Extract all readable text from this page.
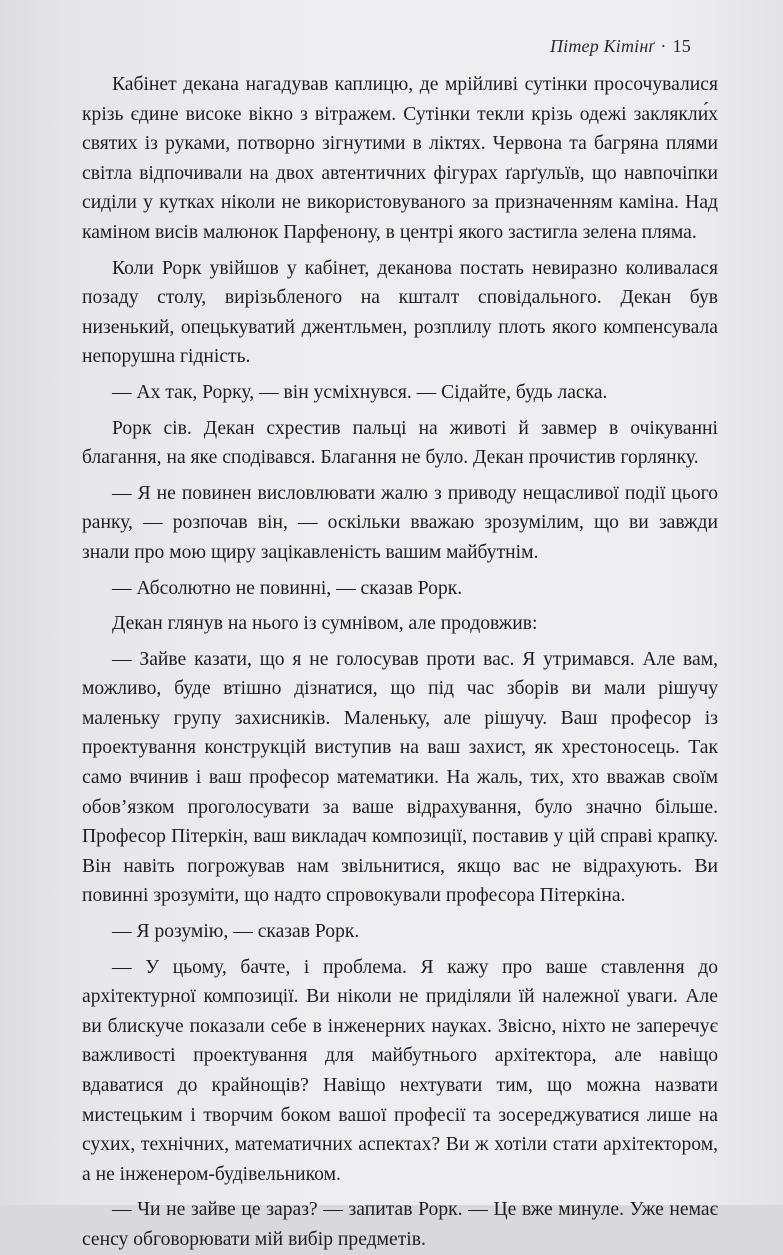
Пітер Кітінґ · 15

Кабінет декана нагадував каплицю, де мрійливі сутінки просочувалися крізь єдине високе вікно з вітражем. Сутінки текли крізь одежі заклякли́х святих із руками, потворно зігнутими в ліктях. Червона та багряна плями світла відпочивали на двох автентичних фігурах ґарґульїв, що навпочіпки сиділи у кутках ніколи не використовуваного за призначенням каміна. Над каміном висів малюнок Парфенону, в центрі якого застигла зелена пляма.

Коли Рорк увійшов у кабінет, деканова постать невиразно коливалася позаду столу, вирізьбленого на кшталт сповідального. Декан був низенький, опецькуватий джентльмен, розплилу плоть якого компенсувала непорушна гідність.

— Ах так, Рорку, — він усміхнувся. — Сідайте, будь ласка.

Рорк сів. Декан схрестив пальці на животі й завмер в очікуванні благання, на яке сподівався. Благання не було. Декан прочистив горлянку.

— Я не повинен висловлювати жалю з приводу нещасливої події цього ранку, — розпочав він, — оскільки вважаю зрозумілим, що ви завжди знали про мою щиру зацікавленість вашим майбутнім.

— Абсолютно не повинні, — сказав Рорк.

Декан глянув на нього із сумнівом, але продовжив:

— Зайве казати, що я не голосував проти вас. Я утримався. Але вам, можливо, буде втішно дізнатися, що під час зборів ви мали рішучу маленьку групу захисників. Маленьку, але рішучу. Ваш професор із проектування конструкцій виступив на ваш захист, як хрестоносець. Так само вчинив і ваш професор математики. На жаль, тих, хто вважав своїм обов’язком проголосувати за ваше відрахування, було значно більше. Професор Пітеркін, ваш викладач композиції, поставив у цій справі крапку. Він навіть погрожував нам звільнитися, якщо вас не відрахують. Ви повинні зрозуміти, що надто спровокували професора Пітеркіна.

— Я розумію, — сказав Рорк.

— У цьому, бачте, і проблема. Я кажу про ваше ставлення до архітектурної композиції. Ви ніколи не приділяли їй належної уваги. Але ви блискуче показали себе в інженерних науках. Звісно, ніхто не заперечує важливості проектування для майбутнього архітектора, але навіщо вдаватися до крайнощів? Навіщо нехтувати тим, що можна назвати мистецьким і творчим боком вашої професії та зосереджуватися лише на сухих, технічних, математичних аспектах? Ви ж хотіли стати архітектором, а не інженером-будівельником.

— Чи не зайве це зараз? — запитав Рорк. — Це вже минуле. Уже немає сенсу обговорювати мій вибір предметів.
